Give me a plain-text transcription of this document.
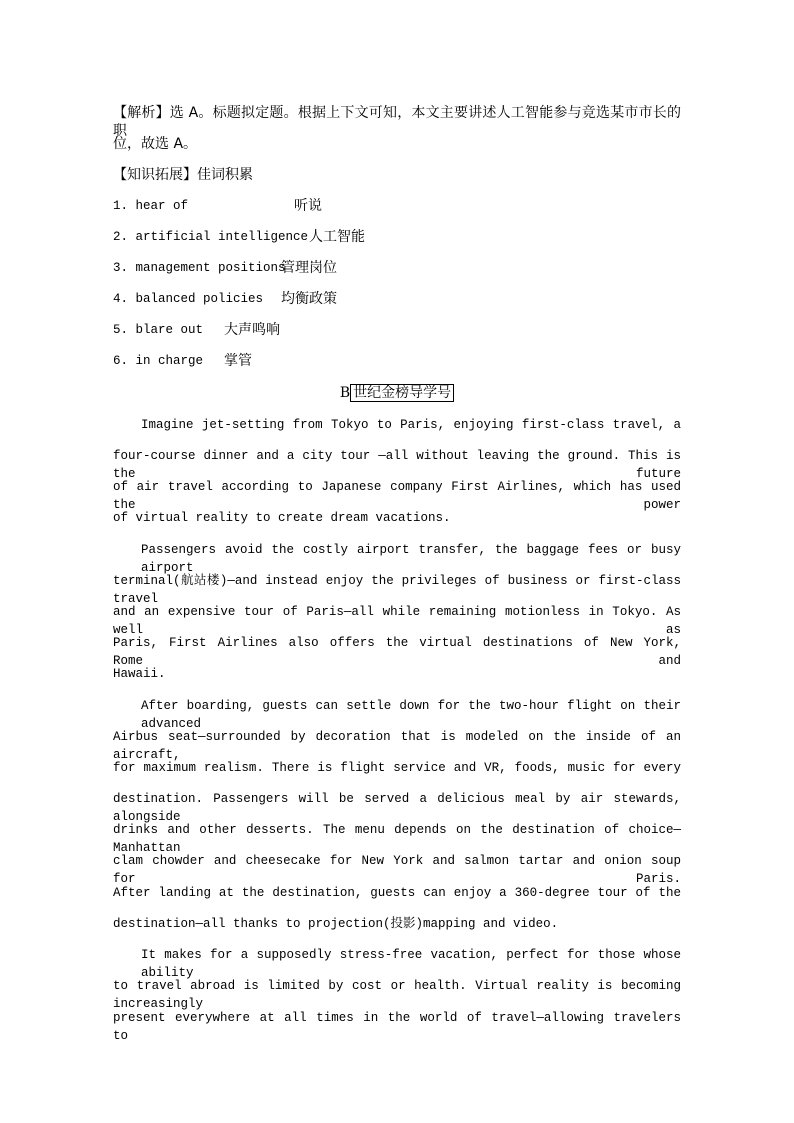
【解析】选 A。标题拟定题。根据上下文可知，本文主要讲述人工智能参与竞选某市市长的职
位，故选 A。
【知识拓展】佳词积累
1. hear of	听说
2. artificial intelligence 人工智能
3. management positions
管理岗位
4. balanced policies 均衡政策
5. blare out 大声鸣响
6. in charge 掌管
B 世纪金榜导学号
Imagine jet-setting from Tokyo to Paris, enjoying first-class travel, a
four-course dinner and a city tour —all without leaving the ground. This is the future
of air travel according to Japanese company First Airlines, which has used the power
of virtual reality to create dream vacations.
Passengers avoid the costly airport transfer, the baggage fees or busy airport
terminal(航站楼)—and instead enjoy the privileges of business or first-class travel
and an expensive tour of Paris—all while remaining motionless in Tokyo. As well as
Paris, First Airlines also offers the virtual destinations of New York, Rome and
Hawaii.
After boarding, guests can settle down for the two-hour flight on their advanced
Airbus seat—surrounded by decoration that is modeled on the inside of an aircraft,
for maximum realism. There is flight service and VR, foods, music for every
destination. Passengers will be served a delicious meal by air stewards, alongside
drinks and other desserts. The menu depends on the destination of choice—Manhattan
clam chowder and cheesecake for New York and salmon tartar and onion soup for Paris.
After landing at the destination, guests can enjoy a 360-degree tour of the
destination—all thanks to projection(投影)mapping and video.
It makes for a supposedly stress-free vacation, perfect for those whose ability
to travel abroad is limited by cost or health. Virtual reality is becoming increasingly
present everywhere at all times in the world of travel—allowing travelers to
